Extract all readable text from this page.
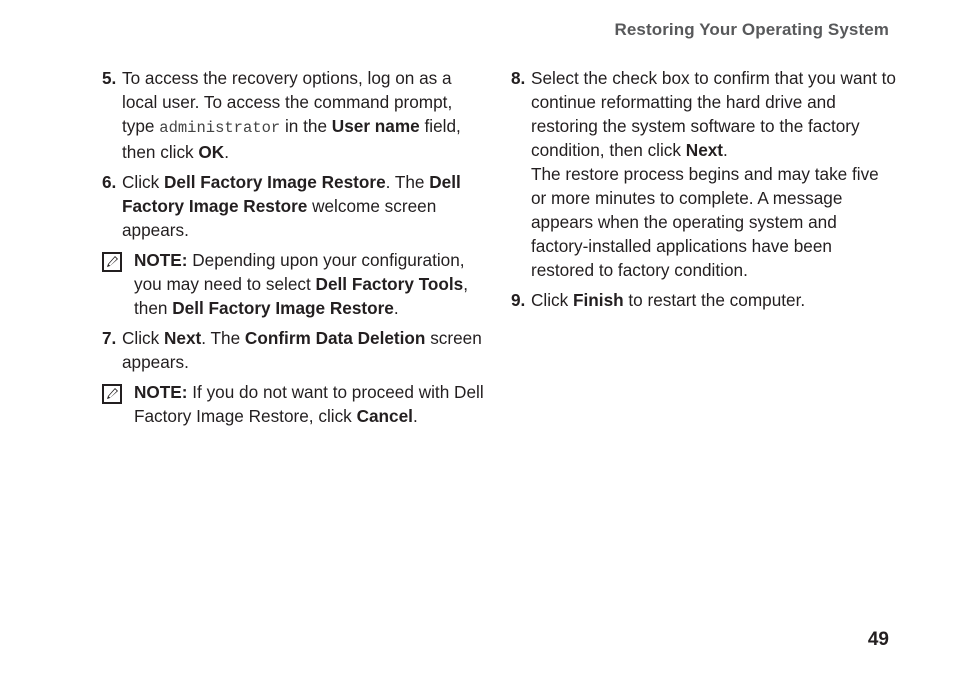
Restoring Your Operating System
5. To access the recovery options, log on as a local user. To access the command prompt, type administrator in the User name field, then click OK.

6. Click Dell Factory Image Restore. The Dell Factory Image Restore welcome screen appears.

NOTE: Depending upon your configuration, you may need to select Dell Factory Tools, then Dell Factory Image Restore.

7. Click Next. The Confirm Data Deletion screen appears.

NOTE: If you do not want to proceed with Dell Factory Image Restore, click Cancel.

8. Select the check box to confirm that you want to continue reformatting the hard drive and restoring the system software to the factory condition, then click Next.

The restore process begins and may take five or more minutes to complete. A message appears when the operating system and factory-installed applications have been restored to factory condition.

9. Click Finish to restart the computer.

49
